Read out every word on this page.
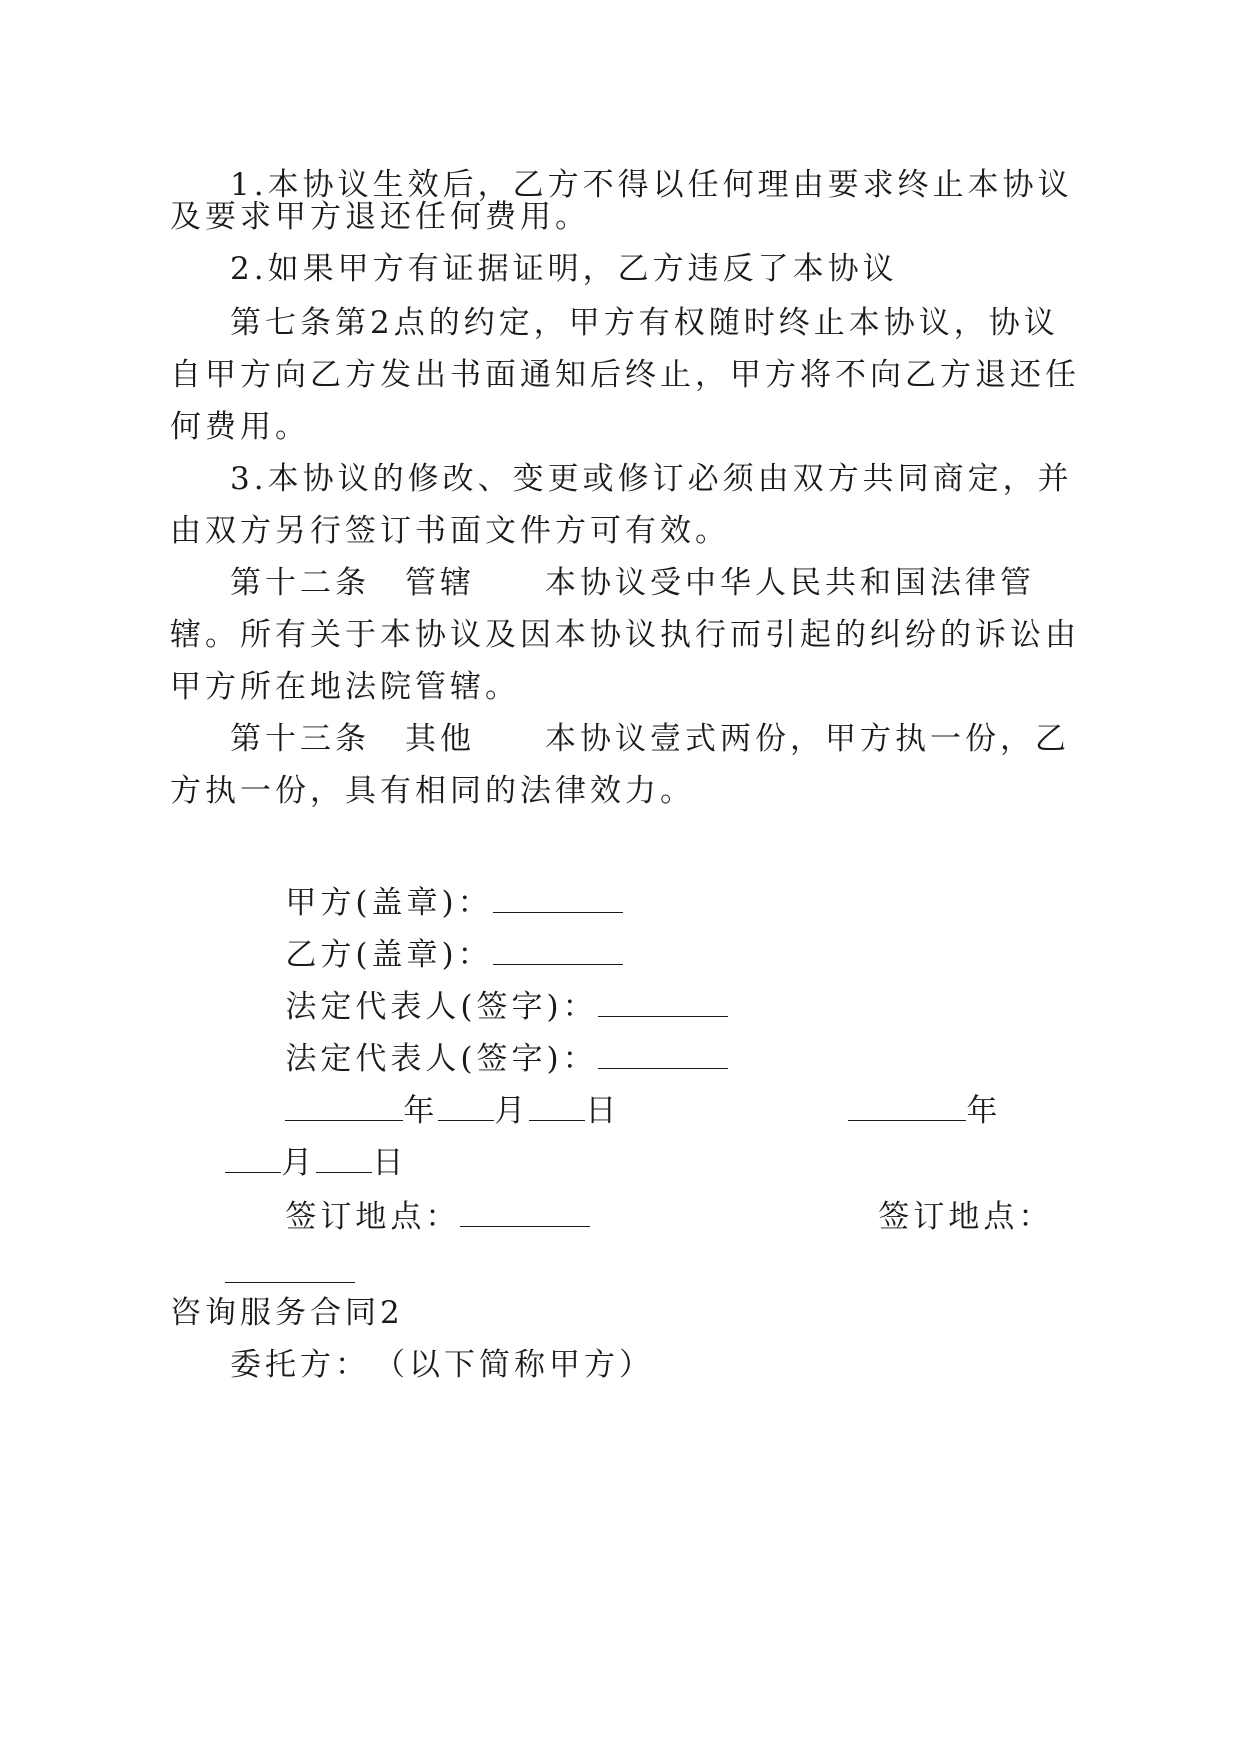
1.本协议生效后，乙方不得以任何理由要求终止本协议
及要求甲方退还任何费用。
2.如果甲方有证据证明，乙方违反了本协议
第七条第2点的约定，甲方有权随时终止本协议，协议
自甲方向乙方发出书面通知后终止，甲方将不向乙方退还任
何费用。
3.本协议的修改、变更或修订必须由双方共同商定，并
由双方另行签订书面文件方可有效。
第十二条　管辖　　本协议受中华人民共和国法律管
辖。所有关于本协议及因本协议执行而引起的纠纷的诉讼由
甲方所在地法院管辖。
第十三条　其他　　本协议壹式两份，甲方执一份，乙
方执一份，具有相同的法律效力。

甲方(盖章)：

乙方(盖章)：

法定代表人(签字)：

法定代表人(签字)：

年 月 日
	年

月 日

签订地点：
	签订地点：

咨询服务合同2
委托方：　（以下简称甲方）
